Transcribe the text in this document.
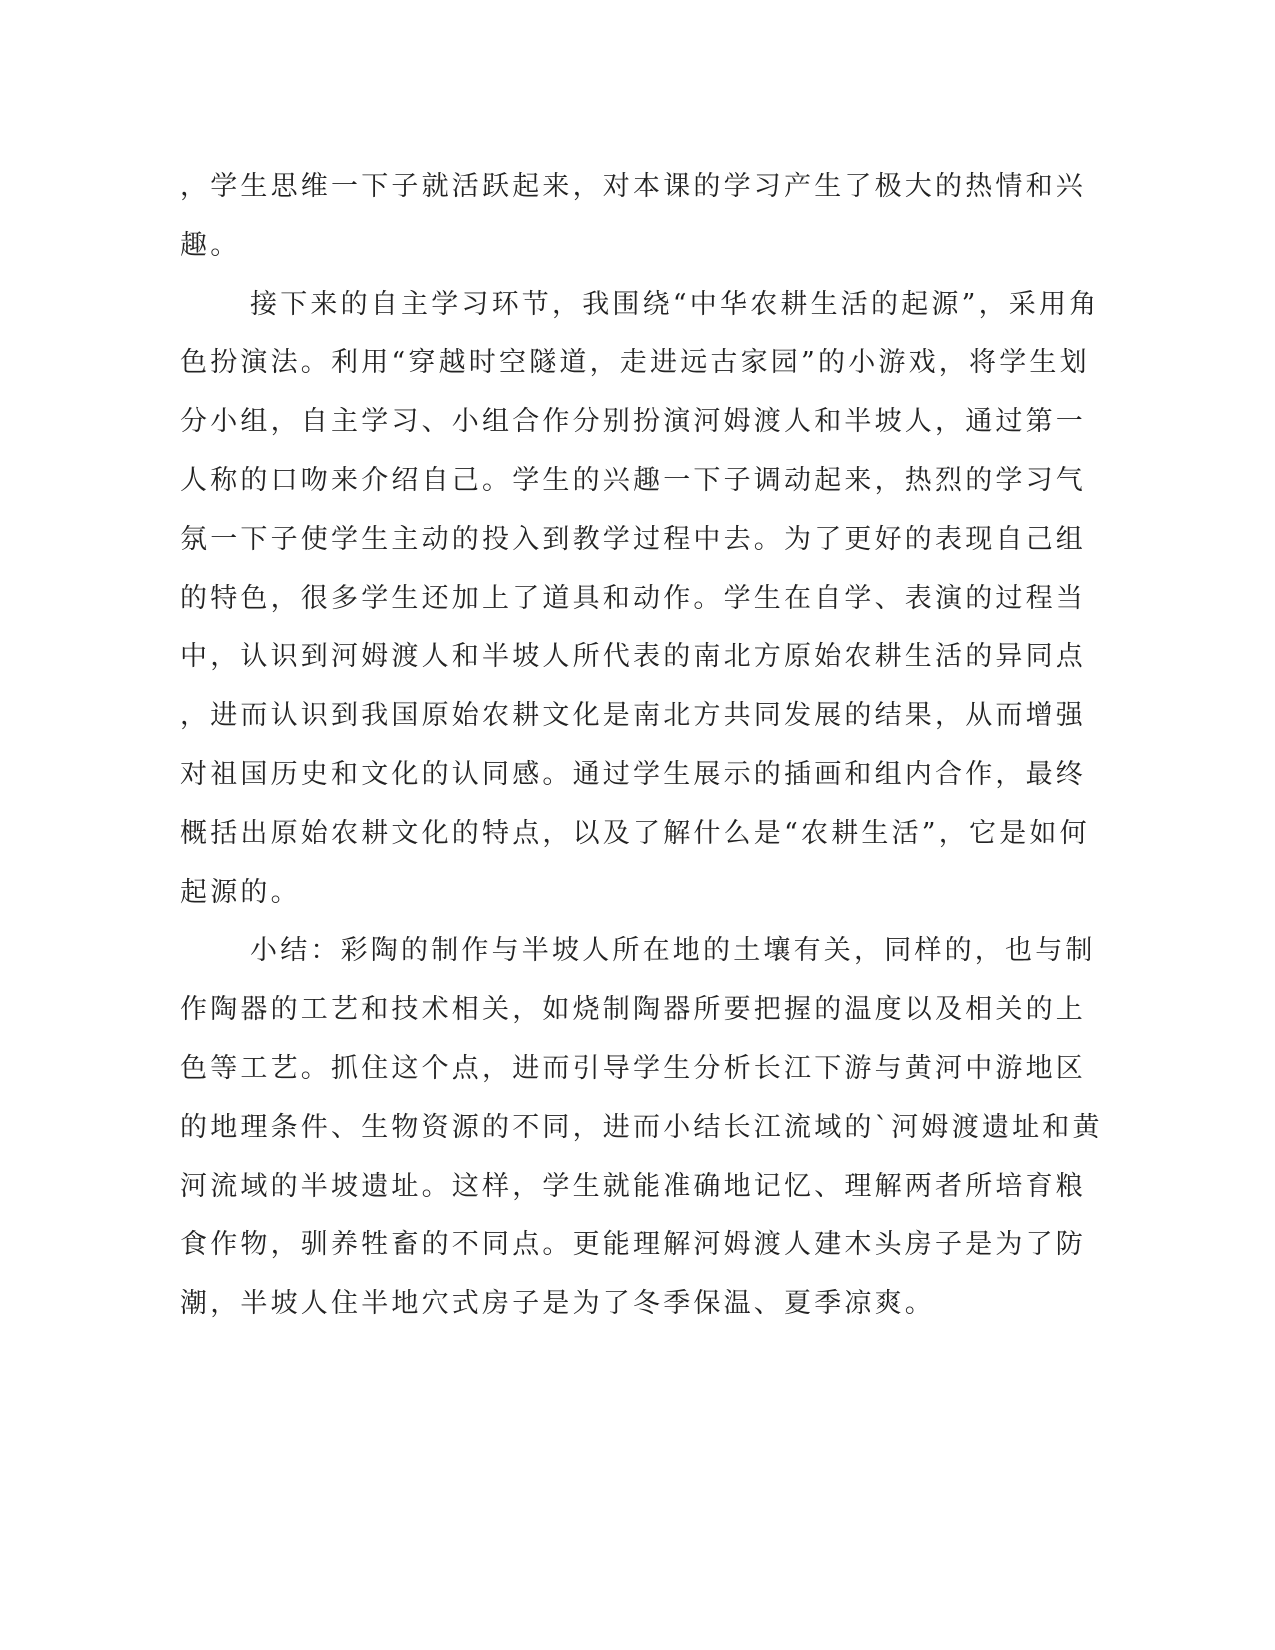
，学生思维一下子就活跃起来，对本课的学习产生了极大的热情和兴
趣。
接下来的自主学习环节，我围绕“中华农耕生活的起源”，采用角
色扮演法。利用“穿越时空隧道，走进远古家园”的小游戏，将学生划
分小组，自主学习、小组合作分别扮演河姆渡人和半坡人，通过第一
人称的口吻来介绍自己。学生的兴趣一下子调动起来，热烈的学习气
氛一下子使学生主动的投入到教学过程中去。为了更好的表现自己组
的特色，很多学生还加上了道具和动作。学生在自学、表演的过程当
中，认识到河姆渡人和半坡人所代表的南北方原始农耕生活的异同点
，进而认识到我国原始农耕文化是南北方共同发展的结果，从而增强
对祖国历史和文化的认同感。通过学生展示的插画和组内合作，最终
概括出原始农耕文化的特点，以及了解什么是“农耕生活”，它是如何
起源的。
小结：彩陶的制作与半坡人所在地的土壤有关，同样的，也与制
作陶器的工艺和技术相关，如烧制陶器所要把握的温度以及相关的上
色等工艺。抓住这个点，进而引导学生分析长江下游与黄河中游地区
的地理条件、生物资源的不同，进而小结长江流域的`河姆渡遗址和黄
河流域的半坡遗址。这样，学生就能准确地记忆、理解两者所培育粮
食作物，驯养牲畜的不同点。更能理解河姆渡人建木头房子是为了防
潮，半坡人住半地穴式房子是为了冬季保温、夏季凉爽。
